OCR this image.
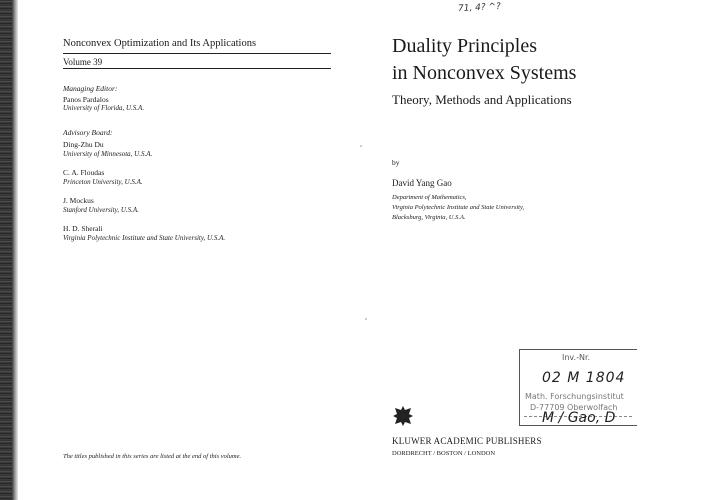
Nonconvex Optimization and Its Applications
Volume 39
Managing Editor:
Panos Pardalos
University of Florida, U.S.A.
Advisory Board:
Ding-Zhu Du
University of Minnesota, U.S.A.
C. A. Floudas
Princeton University, U.S.A.
J. Mockus
Stanford University, U.S.A.
H. D. Sherali
Virginia Polytechnic Institute and State University, U.S.A.
The titles published in this series are listed at the end of this volume.
71, 4? ^?
Duality Principles
in Nonconvex Systems
Theory, Methods and Applications
by
David Yang Gao
Department of Mathematics,
Virginia Polytechnic Institute and State University,
Blacksburg, Virginia, U.S.A.
Inv.-Nr.
02 M 1804
Math. Forschungsinstitut
D-77709 Oberwolfach
M / Gao, D
KLUWER ACADEMIC PUBLISHERS
DORDRECHT / BOSTON / LONDON
